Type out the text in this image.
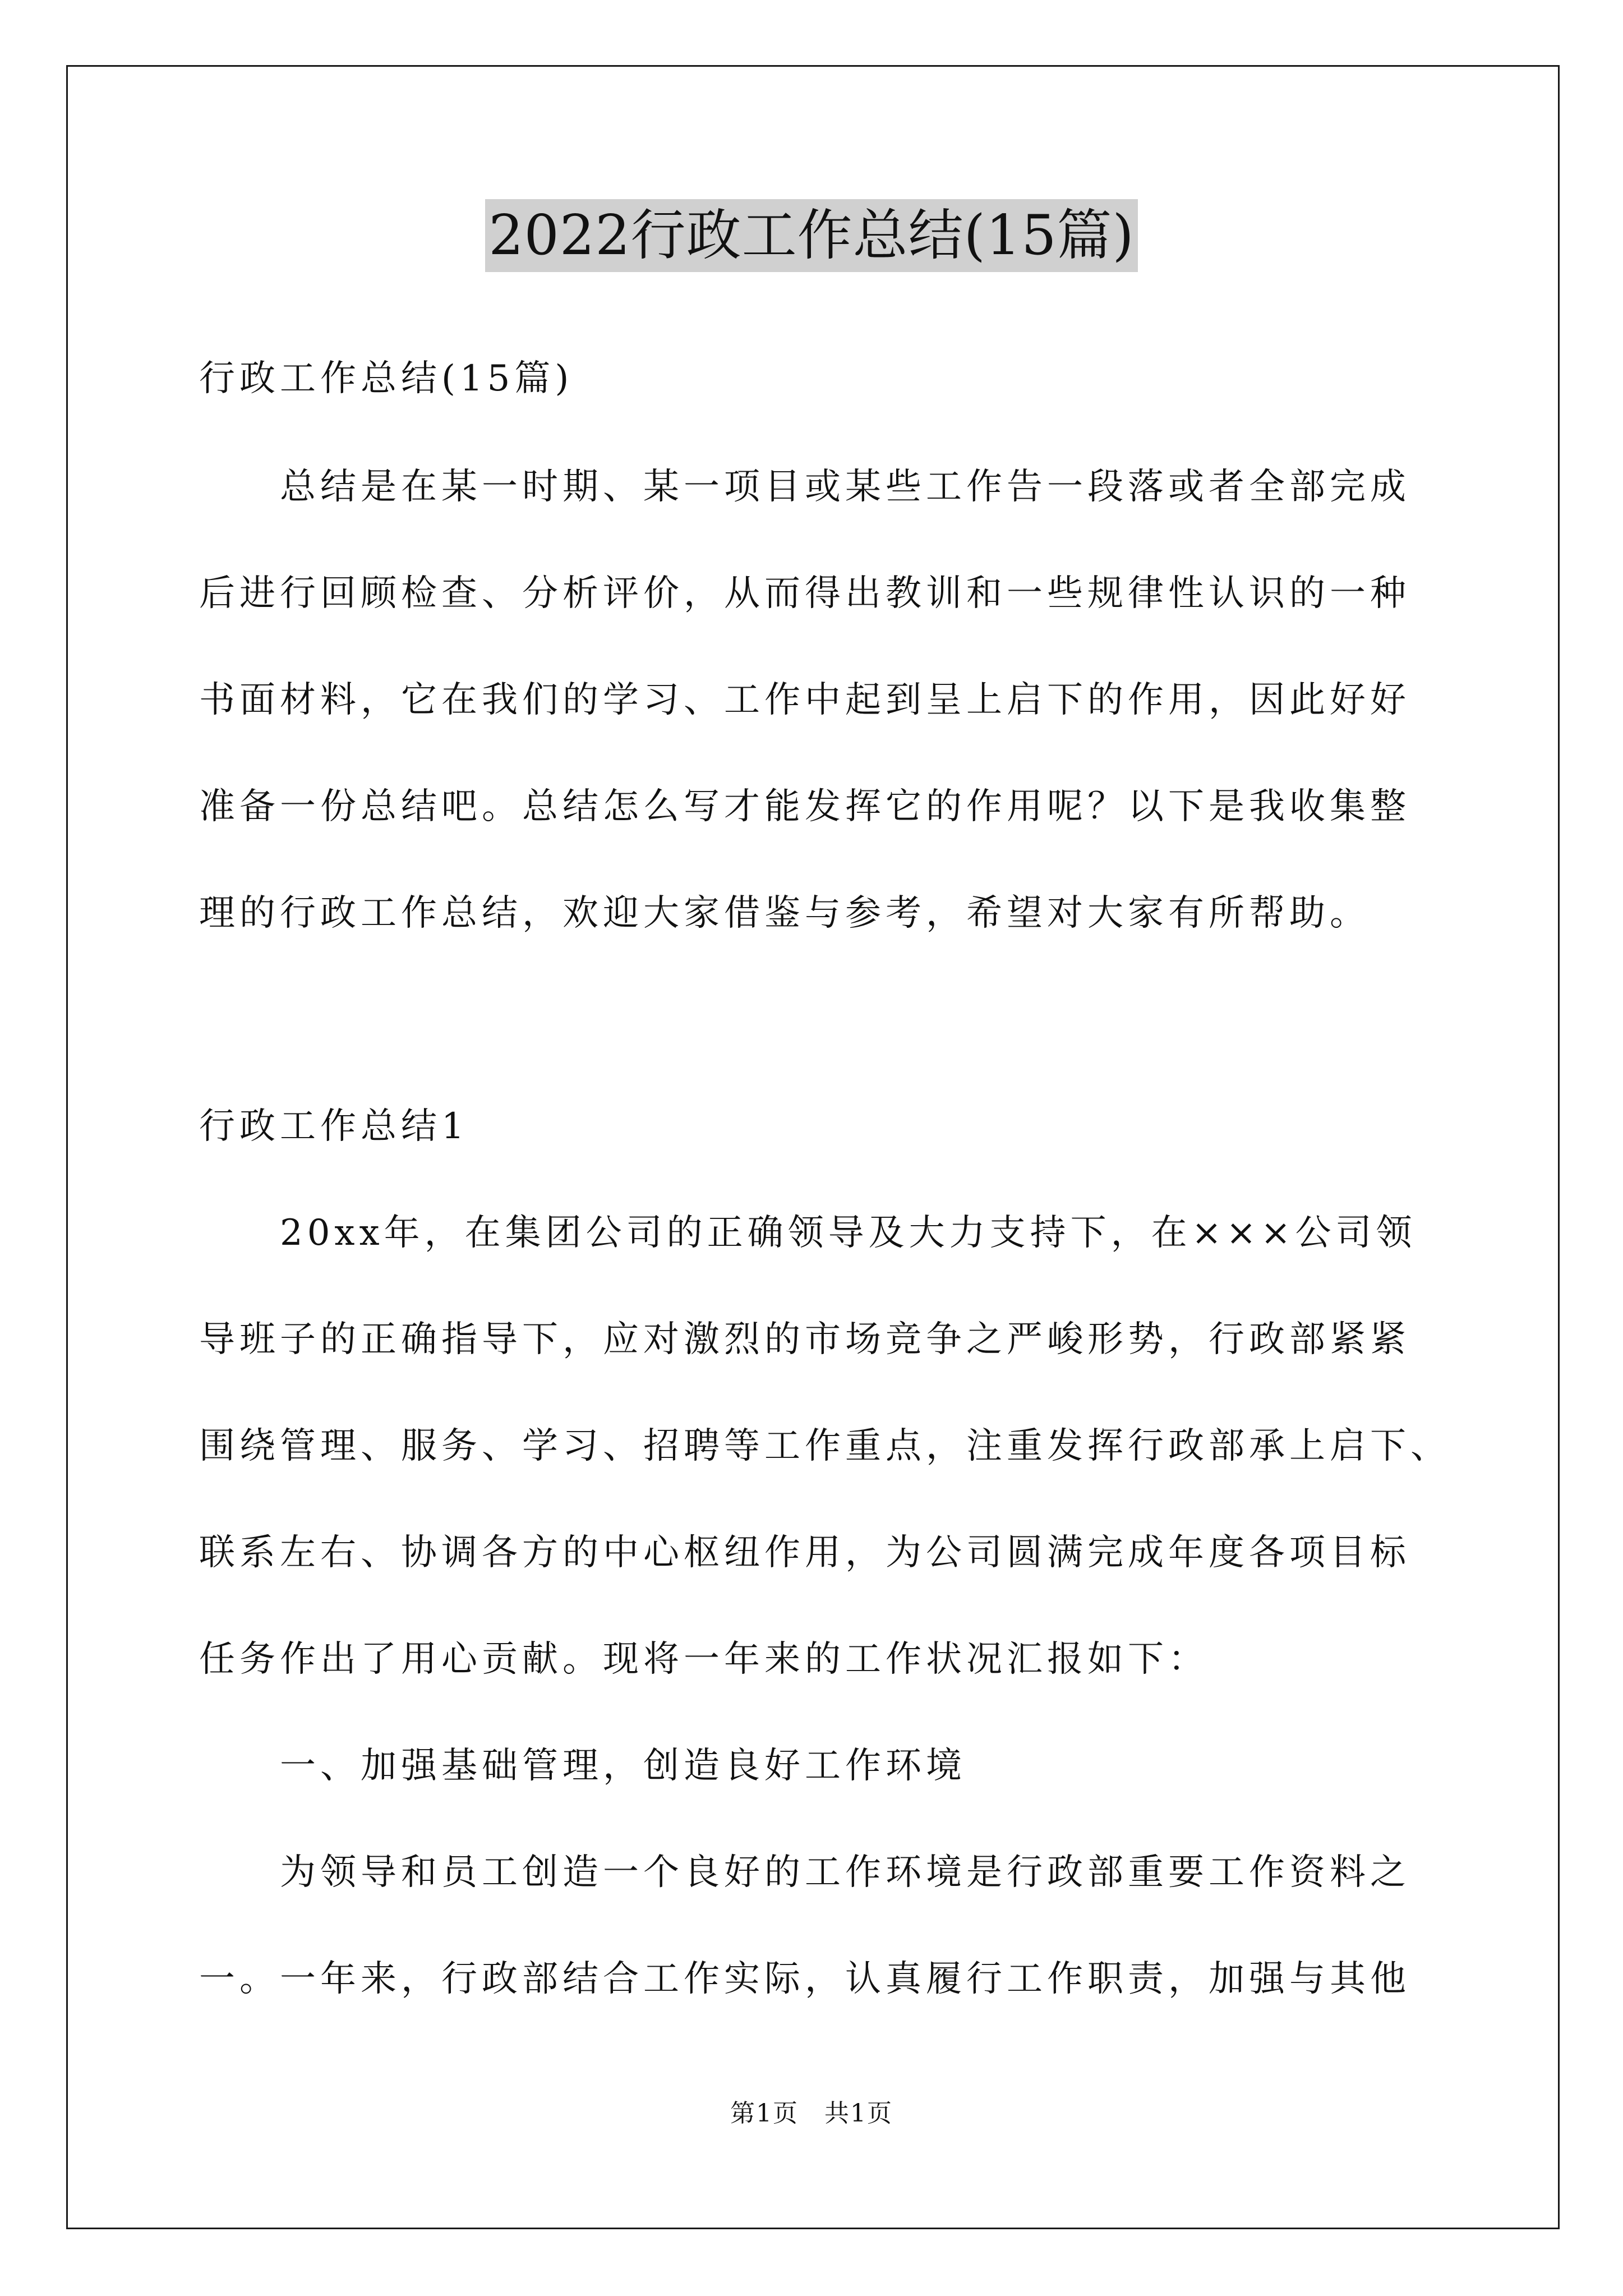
2022行政工作总结(15篇)

行政工作总结(15篇)

　　总结是在某一时期、某一项目或某些工作告一段落或者全部完成

后进行回顾检查、分析评价，从而得出教训和一些规律性认识的一种

书面材料，它在我们的学习、工作中起到呈上启下的作用，因此好好

准备一份总结吧。总结怎么写才能发挥它的作用呢？以下是我收集整

理的行政工作总结，欢迎大家借鉴与参考，希望对大家有所帮助。

行政工作总结1

　　20xx年，在集团公司的正确领导及大力支持下，在×××公司领

导班子的正确指导下，应对激烈的市场竞争之严峻形势，行政部紧紧

围绕管理、服务、学习、招聘等工作重点，注重发挥行政部承上启下、

联系左右、协调各方的中心枢纽作用，为公司圆满完成年度各项目标

任务作出了用心贡献。现将一年来的工作状况汇报如下：

　　一、加强基础管理，创造良好工作环境

　　为领导和员工创造一个良好的工作环境是行政部重要工作资料之

一。一年来，行政部结合工作实际，认真履行工作职责，加强与其他

第1页　共1页
